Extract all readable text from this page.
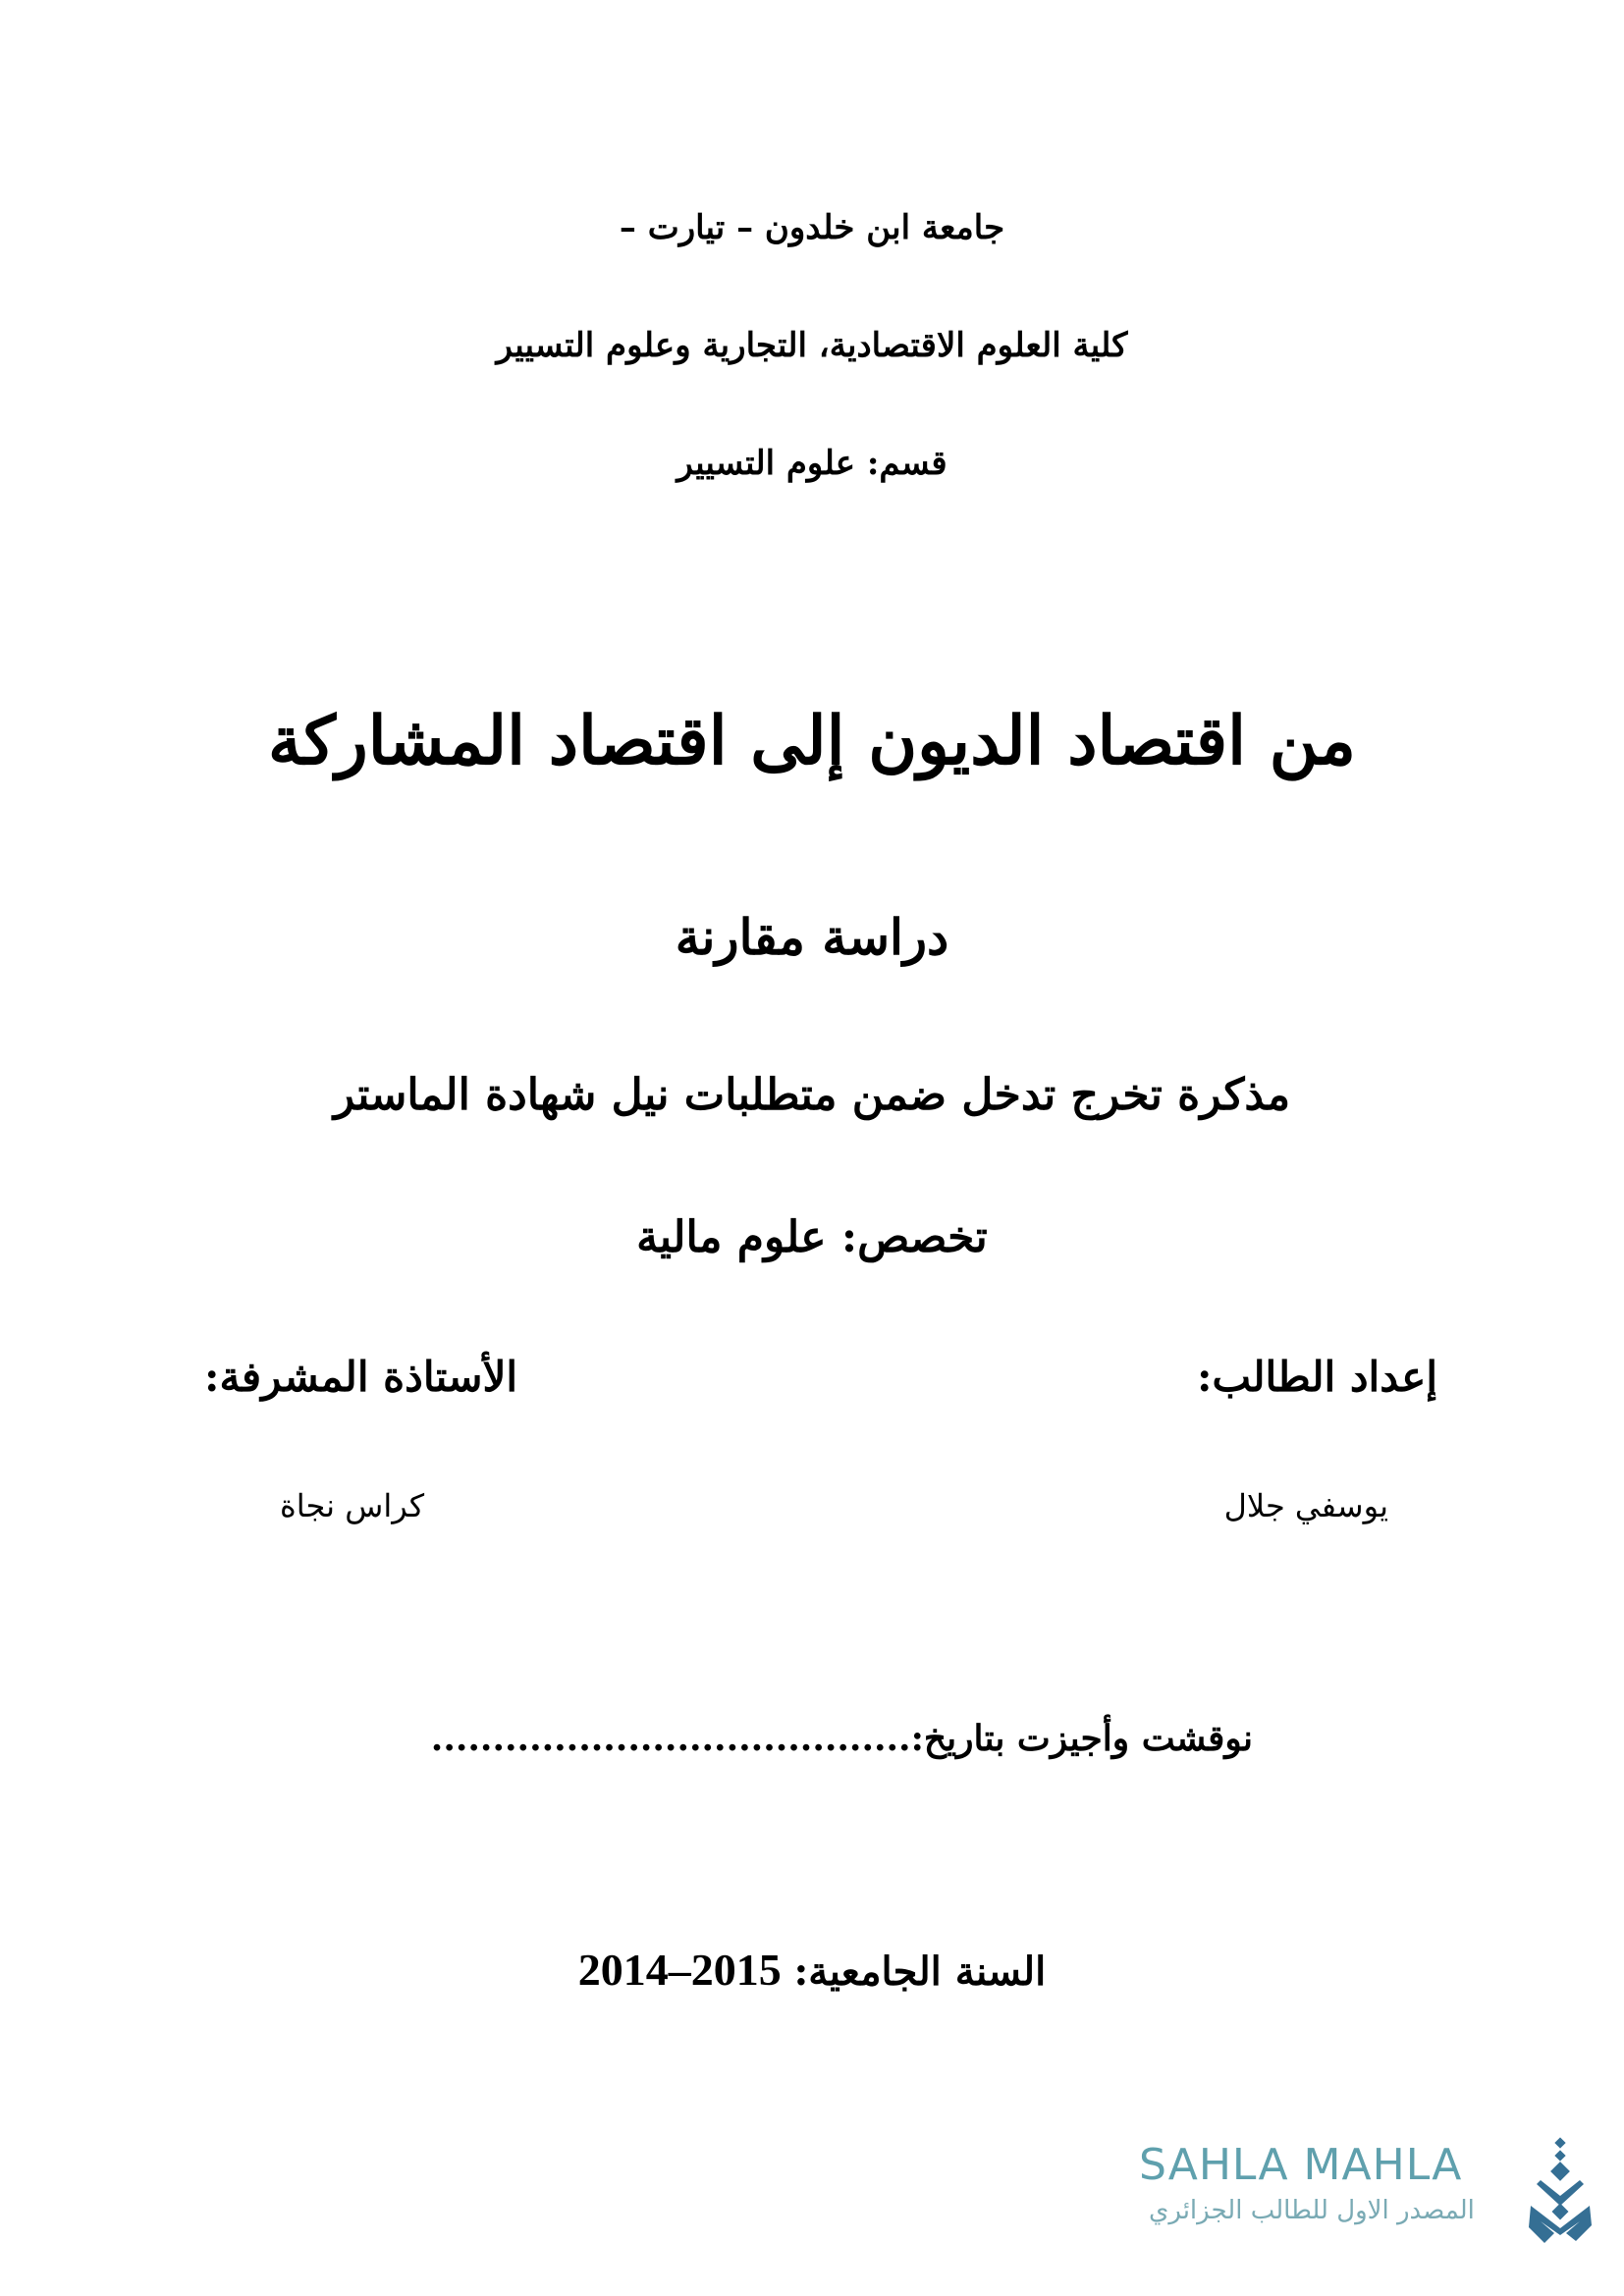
جامعة ابن خلدون – تيارت –
كلية العلوم الاقتصادية، التجارية وعلوم التسيير
قسم: علوم التسيير
من اقتصاد الديون إلى اقتصاد المشاركة
دراسة مقارنة
مذكرة تخرج تدخل ضمن متطلبات نيل شهادة الماستر
تخصص: علوم مالية
إعداد الطالب:
الأستاذة المشرفة:
يوسفي جلال
كراس نجاة
نوقشت وأجيزت بتاريخ:.......................................
السنة الجامعية: 2014–2015
SAHLA MAHLA
المصدر الاول للطالب الجزائري
